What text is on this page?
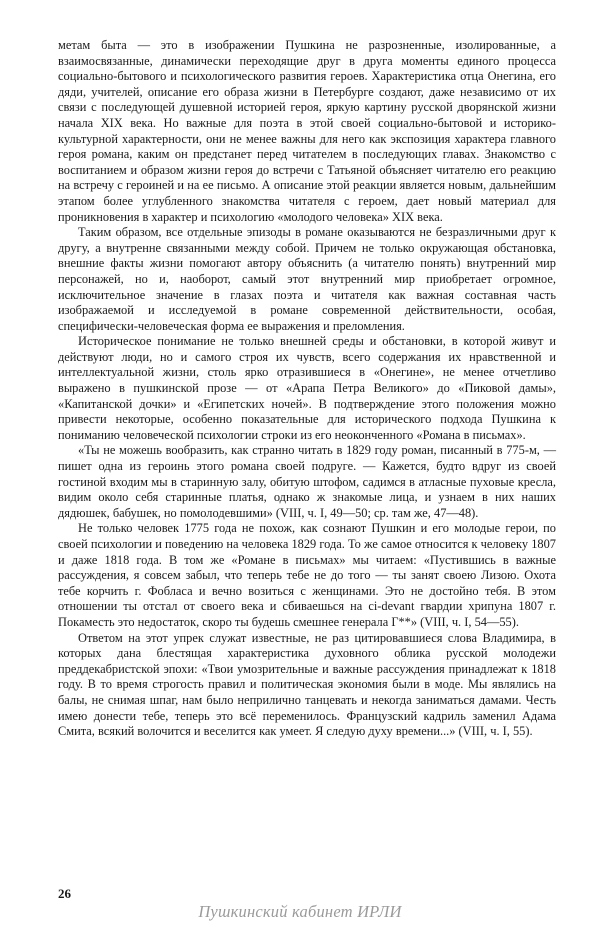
метам быта — это в изображении Пушкина не разрозненные, изолированные, а взаимосвязанные, динамически переходящие друг в друга моменты единого процесса социально-бытового и психологического развития героев. Характеристика отца Онегина, его дяди, учителей, описание его образа жизни в Петербурге создают, даже независимо от их связи с последующей душевной историей героя, яркую картину русской дворянской жизни начала XIX века. Но важные для поэта в этой своей социально-бытовой и историко-культурной характерности, они не менее важны для него как экспозиция характера главного героя романа, каким он предстанет перед читателем в последующих главах. Знакомство с воспитанием и образом жизни героя до встречи с Татьяной объясняет читателю его реакцию на встречу с героиней и на ее письмо. А описание этой реакции является новым, дальнейшим этапом более углубленного знакомства читателя с героем, дает новый материал для проникновения в характер и психологию «молодого человека» XIX века.

Таким образом, все отдельные эпизоды в романе оказываются не безразличными друг к другу, а внутренне связанными между собой. Причем не только окружающая обстановка, внешние факты жизни помогают автору объяснить (а читателю понять) внутренний мир персонажей, но и, наоборот, самый этот внутренний мир приобретает огромное, исключительное значение в глазах поэта и читателя как важная составная часть изображаемой и исследуемой в романе современной действительности, особая, специфически-человеческая форма ее выражения и преломления.

Историческое понимание не только внешней среды и обстановки, в которой живут и действуют люди, но и самого строя их чувств, всего содержания их нравственной и интеллектуальной жизни, столь ярко отразившиеся в «Онегине», не менее отчетливо выражено в пушкинской прозе — от «Арапа Петра Великого» до «Пиковой дамы», «Капитанской дочки» и «Египетских ночей». В подтверждение этого положения можно привести некоторые, особенно показательные для исторического подхода Пушкина к пониманию человеческой психологии строки из его неоконченного «Романа в письмах».

«Ты не можешь вообразить, как странно читать в 1829 году роман, писанный в 775-м, — пишет одна из героинь этого романа своей подруге. — Кажется, будто вдруг из своей гостиной входим мы в старинную залу, обитую штофом, садимся в атласные пуховые кресла, видим около себя старинные платья, однако ж знакомые лица, и узнаем в них наших дядюшек, бабушек, но помолодевшими» (VIII, ч. I, 49—50; ср. там же, 47—48).

Не только человек 1775 года не похож, как сознают Пушкин и его молодые герои, по своей психологии и поведению на человека 1829 года. То же самое относится к человеку 1807 и даже 1818 года. В том же «Романе в письмах» мы читаем: «Пустившись в важные рассуждения, я совсем забыл, что теперь тебе не до того — ты занят своею Лизою. Охота тебе корчить г. Фобласа и вечно возиться с женщинами. Это не достойно тебя. В этом отношении ты отстал от своего века и сбиваешься на ci-devant гвардии хрипуна 1807 г. Покаместь это недостаток, скоро ты будешь смешнее генерала Г**» (VIII, ч. I, 54—55).

Ответом на этот упрек служат известные, не раз цитировавшиеся слова Владимира, в которых дана блестящая характеристика духовного облика русской молодежи преддекабристской эпохи: «Твои умозрительные и важные рассуждения принадлежат к 1818 году. В то время строгость правил и политическая экономия были в моде. Мы являлись на балы, не снимая шпаг, нам было неприлично танцевать и некогда заниматься дамами. Честь имею донести тебе, теперь это всё переменилось. Французский кадриль заменил Адама Смита, всякий волочится и веселится как умеет. Я следую духу времени...» (VIII, ч. I, 55).

26
Пушкинский кабинет ИРЛИ
